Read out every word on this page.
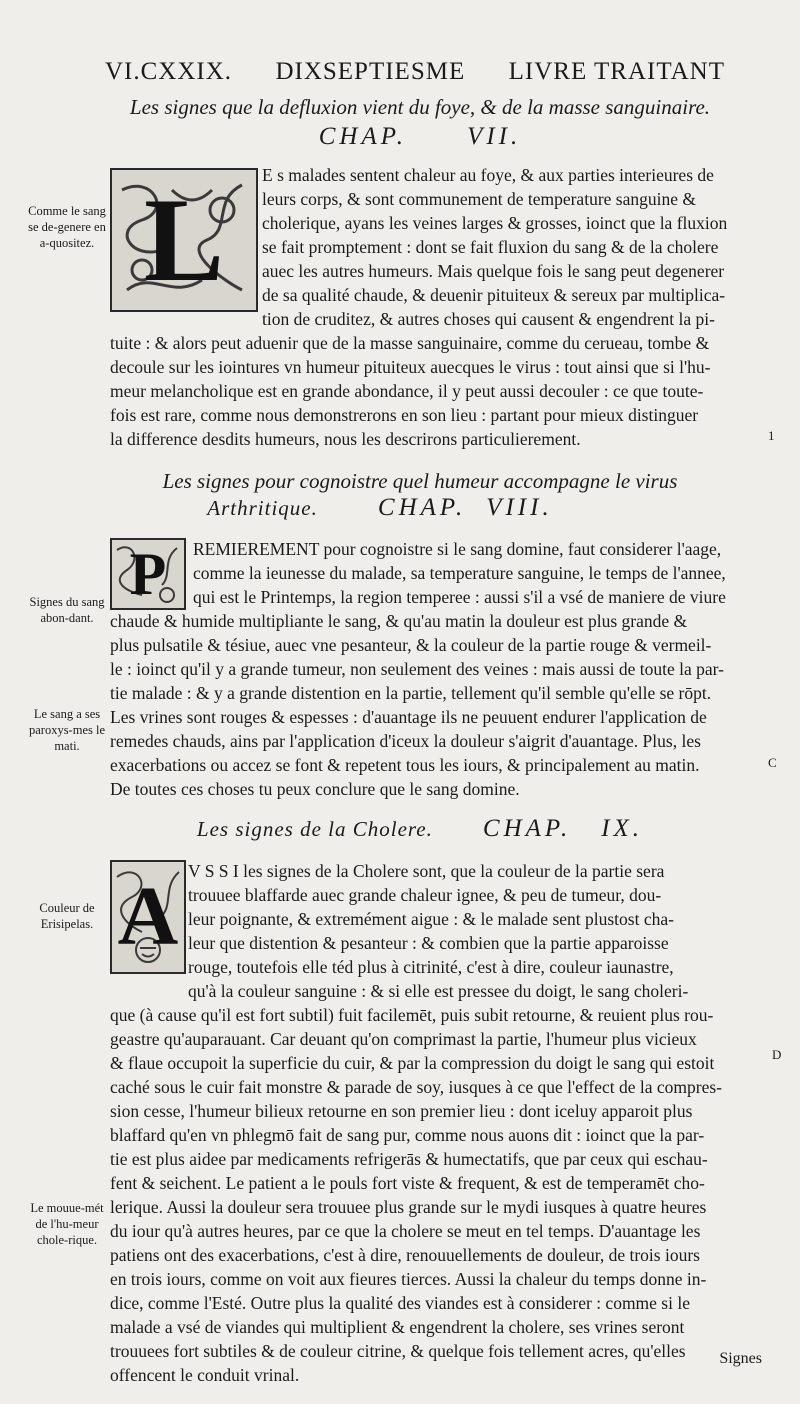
VI.CXXIX. DIXSEPTIESME LIVRE TRAITANT
Les signes que la defluxion vient du foye, & de la masse sanguinaire.
CHAP. VII.
L E s malades sentent chaleur au foye, & aux parties interieures de
leurs corps, & sont communement de temperature sanguine &
cholerique, ayans les veines larges & grosses, ioinct que la fluxion
se fait promptement : dont se fait fluxion du sang & de la cholere
auec les autres humeurs. Mais quelque fois le sang peut degenerer
de sa qualité chaude, & deuenir pituiteux & sereux par multiplica-
tion de cruditez, & autres choses qui causent & engendrent la pi-
tuite : & alors peut aduenir que de la masse sanguinaire, comme du cerueau, tombe &
decoule sur les iointures vn humeur pituiteux auecques le virus : tout ainsi que si l'hu-
meur melancholique est en grande abondance, il y peut aussi decouler : ce que toute-
fois est rare, comme nous demonstrerons en son lieu : partant pour mieux distinguer
la difference desdits humeurs, nous les descrirons particulierement.
Comme le sang se de-genere en a-quositez.
Les signes pour cognoistre quel humeur accompagne le virus
Arthritique. CHAP. VIII.
P REMIEREMENT pour cognoistre si le sang domine, faut considerer l'aage,
comme la ieunesse du malade, sa temperature sanguine, le temps de l'annee,
qui est le Printemps, la region temperee : aussi s'il a vsé de maniere de viure
chaude & humide multipliante le sang, & qu'au matin la douleur est plus grande &
plus pulsatile & tésiue, auec vne pesanteur, & la couleur de la partie rouge & vermeil-
le : ioinct qu'il y a grande tumeur, non seulement des veines : mais aussi de toute la par-
tie malade : & y a grande distention en la partie, tellement qu'il semble qu'elle se rōpt.
Les vrines sont rouges & espesses : d'auantage ils ne peuuent endurer l'application de
remedes chauds, ains par l'application d'iceux la douleur s'aigrit d'auantage. Plus, les
exacerbations ou accez se font & repetent tous les iours, & principalement au matin.
De toutes ces choses tu peux conclure que le sang domine.
Signes du sang abon-dant.
Le sang a ses paroxys-mes le mati.
Les signes de la Cholere. CHAP. IX.
A V S S I les signes de la Cholere sont, que la couleur de la partie sera
trouuee blaffarde auec grande chaleur ignee, & peu de tumeur, dou-
leur poignante, & extremément aigue : & le malade sent plustost cha-
leur que distention & pesanteur : & combien que la partie apparoisse
rouge, toutefois elle téd plus à citrinité, c'est à dire, couleur iaunastre,
qu'à la couleur sanguine : & si elle est pressee du doigt, le sang choleri-
que (à cause qu'il est fort subtil) fuit facilemēt, puis subit retourne, & reuient plus rou-
geastre qu'auparauant. Car deuant qu'on comprimast la partie, l'humeur plus vicieux
& flaue occupoit la superficie du cuir, & par la compression du doigt le sang qui estoit
caché sous le cuir fait monstre & parade de soy, iusques à ce que l'effect de la compres-
sion cesse, l'humeur bilieux retourne en son premier lieu : dont iceluy apparoit plus
blaffard qu'en vn phlegmō fait de sang pur, comme nous auons dit : ioinct que la par-
tie est plus aidee par medicaments refrigerās & humectatifs, que par ceux qui eschau-
fent & seichent. Le patient a le pouls fort viste & frequent, & est de temperamēt cho-
lerique. Aussi la douleur sera trouuee plus grande sur le mydi iusques à quatre heures
du iour qu'à autres heures, par ce que la cholere se meut en tel temps. D'auantage les
patiens ont des exacerbations, c'est à dire, renouuellements de douleur, de trois iours
en trois iours, comme on voit aux fieures tierces. Aussi la chaleur du temps donne in-
dice, comme l'Esté. Outre plus la qualité des viandes est à considerer : comme si le
malade a vsé de viandes qui multiplient & engendrent la cholere, ses vrines seront
trouuees fort subtiles & de couleur citrine, & quelque fois tellement acres, qu'elles
offencent le conduit vrinal.
Couleur de Erisipelas.
Le mouue-mét de l'hu-meur chole-rique.
1
C
D
Signes
